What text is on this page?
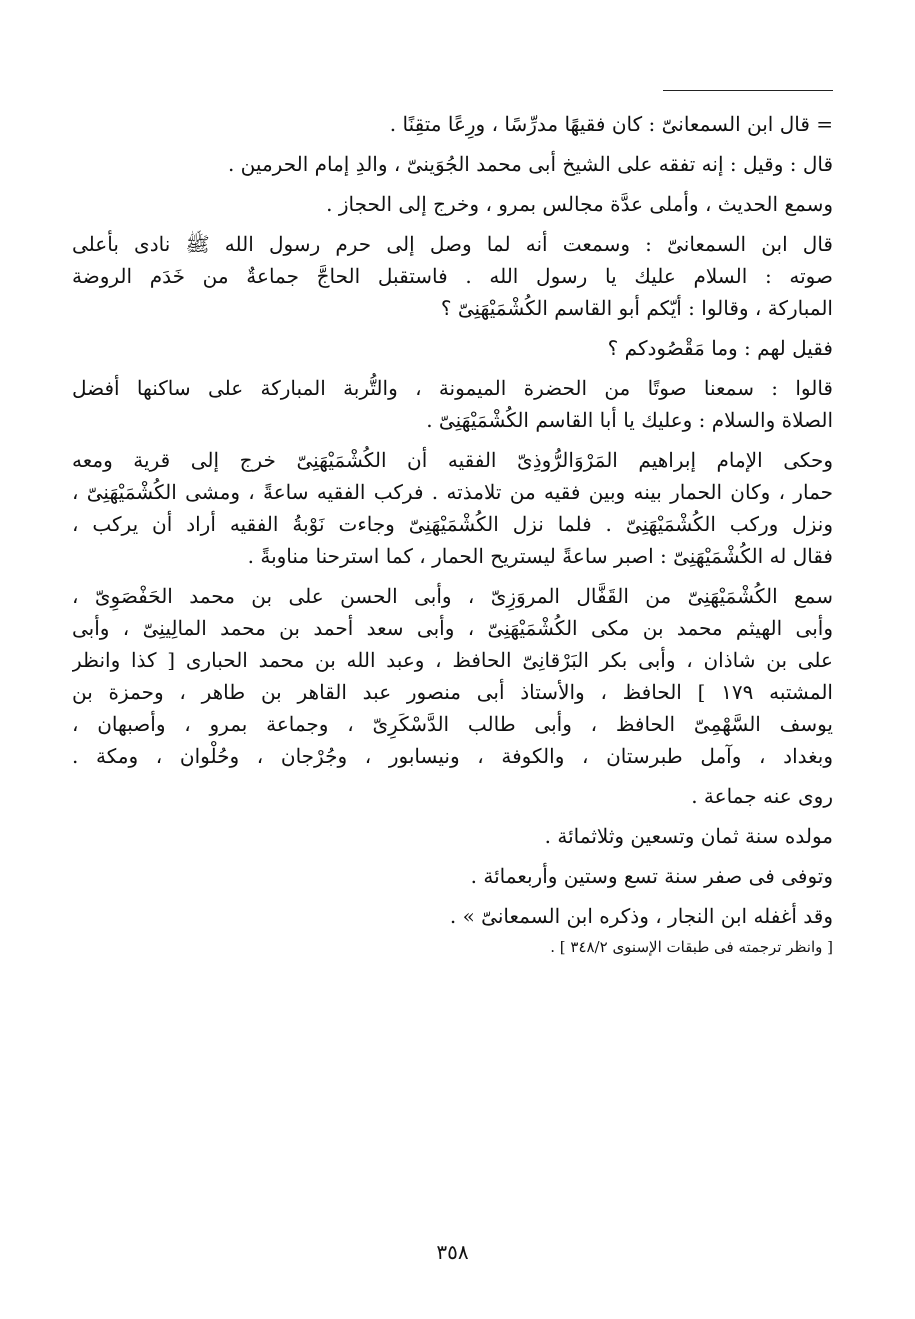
= قال ابن السمعانىّ : كان فقيهًا مدرِّسًا ، ورِعًا متقِنًا .
قال : وقيل : إنه تفقه على الشيخ أبى محمد الجُوَينىّ ، والدِ إمام الحرمين .
وسمع الحديث ، وأملى عدَّة مجالس بمرو ، وخرج إلى الحجاز .
قال ابن السمعانىّ : وسمعت أنه لما وصل إلى حرم رسول الله ﷺ نادى بأعلى
صوته : السلام عليك يا رسول الله . فاستقبل الحاجَّ جماعةٌ من خَدَم الروضة
المباركة ، وقالوا : أيّكم أبو القاسم الكُشْمَيْهَنِىّ ؟
فقيل لهم : وما مَقْصُودكم ؟
قالوا : سمعنا صوتًا من الحضرة الميمونة ، والتُّربة المباركة على ساكنها أفضل
الصلاة والسلام : وعليك يا أبا القاسم الكُشْمَيْهَنِىّ .
وحكى الإمام إبراهيم المَرْوَالرُّوذِىّ الفقيه أن الكُشْمَيْهَنِىّ خرج إلى قرية ومعه
حمار ، وكان الحمار بينه وبين فقيه من تلامذته . فركب الفقيه ساعةً ، ومشى الكُشْمَيْهَنِىّ ،
ونزل وركب الكُشْمَيْهَنِىّ . فلما نزل الكُشْمَيْهَنِىّ وجاءت نَوْبةُ الفقيه أراد أن يركب ،
فقال له الكُشْمَيْهَنِىّ : اصبر ساعةً ليستريح الحمار ، كما استرحنا مناوبةً .
سمع الكُشْمَيْهَنِىّ من القَفَّال المروَزِىّ ، وأبى الحسن على بن محمد الحَفْصَوِىّ ،
وأبى الهيثم محمد بن مكى الكُشْمَيْهَنِىّ ، وأبى سعد أحمد بن محمد المالِينِىّ ، وأبى
على بن شاذان ، وأبى بكر البَرْقانِىّ الحافظ ، وعبد الله بن محمد الحبارى [ كذا وانظر
المشتبه ١٧٩ ] الحافظ ، والأستاذ أبى منصور عبد القاهر بن طاهر ، وحمزة بن
يوسف السَّهْمِىّ الحافظ ، وأبى طالب الدَّسْكَرِىّ ، وجماعة بمرو ، وأصبهان ،
وبغداد ، وآمل طبرستان ، والكوفة ، ونيسابور ، وجُرْجان ، وحُلْوان ، ومكة .
روى عنه جماعة .
مولده سنة ثمان وتسعين وثلاثمائة .
وتوفى فى صفر سنة تسع وستين وأربعمائة .
وقد أغفله ابن النجار ، وذكره ابن السمعانىّ » .
[ وانظر ترجمته فى طبقات الإسنوى ٣٤٨/٢ ] .
٣٥٨
